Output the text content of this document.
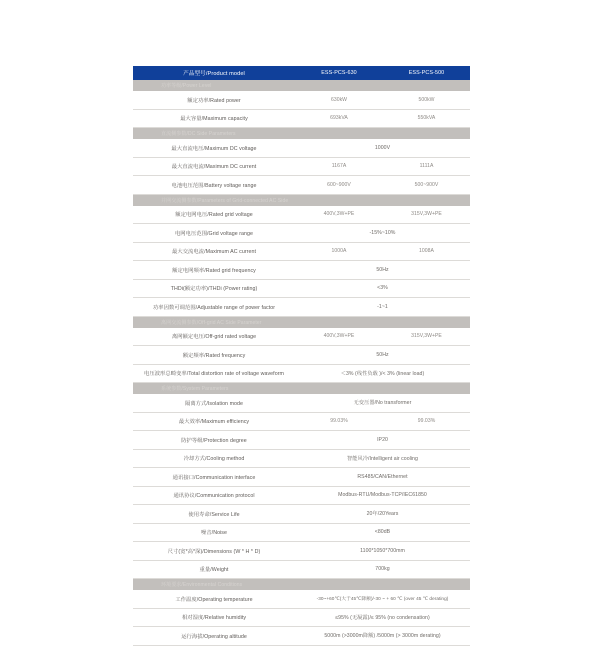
产品型号/Product model	ESS-PCS-630	ESS-PCS-500
功率等级/Power Level		
额定功率/Rated power	630kW	500kW
最大容量/Maximum capacity	693kVA	550kVA
直流侧参数/DC Side Parameters		
最大直流电压/Maximum DC voltage	1000V	
最大直流电流/Maximum DC current	1167A	1111A
电池电压范围/Battery voltage range	600~900V	500~900V
并网交流侧参数/Parameters of Grid-connected AC Side		
额定电网电压/Rated grid voltage	400V,3W+PE	315V,3W+PE
电网电压范围/Grid voltage range	-15%~10%	
最大交流电流/Maximum AC current	1000A	1008A
额定电网频率/Rated grid frequency	50Hz	
THDi(额定功率)/THDi (Power rating)	<3%	
功率因数可调范围/Adjustable range of power factor	-1~1	
离网交流侧参数/Off-grid AC Side Parameter		
离网额定电压/Off-grid rated voltage	400V,3W+PE	315V,3W+PE
额定频率/Rated frequency	50Hz	
电压波形总畸变率/Total distortion rate of voltage waveform	＜3% (线性负载 )/< 3% (linear load)	
系统参数/System Parameters		
隔离方式/Isolation mode	无变压器/No transformer	
最大效率/Maximum efficiency	99.03%	99.03%
防护等级/Protection degree	IP20	
冷却方式/Cooling method	智能风冷/Intelligent air cooling	
通讯接口/Communication interface	RS485/CAN/Ethernet	
通讯协议/Communication protocol	Modbus-RTU/Modbus-TCP/IEC61850	
使用寿命/Service Life	20年/20Years	
噪音/Noise	<80dB	
尺寸(宽*高*深)/Dimensions (W * H * D)	1100*1050*700mm	
重量/Weight	700kg	
环境要求/Environmental Conditions		
工作温度/Operating temperature	-30~+60℃(大于45℃降额)/-30 ~ + 60 ℃ (over 45 ℃ derating)	
相对湿度/Relative humidity	≤95% (无凝露)/≤ 95% (no condensation)	
运行海拔/Operating altitude	5000m (>3000m降额) /5000m (> 3000m derating)	
